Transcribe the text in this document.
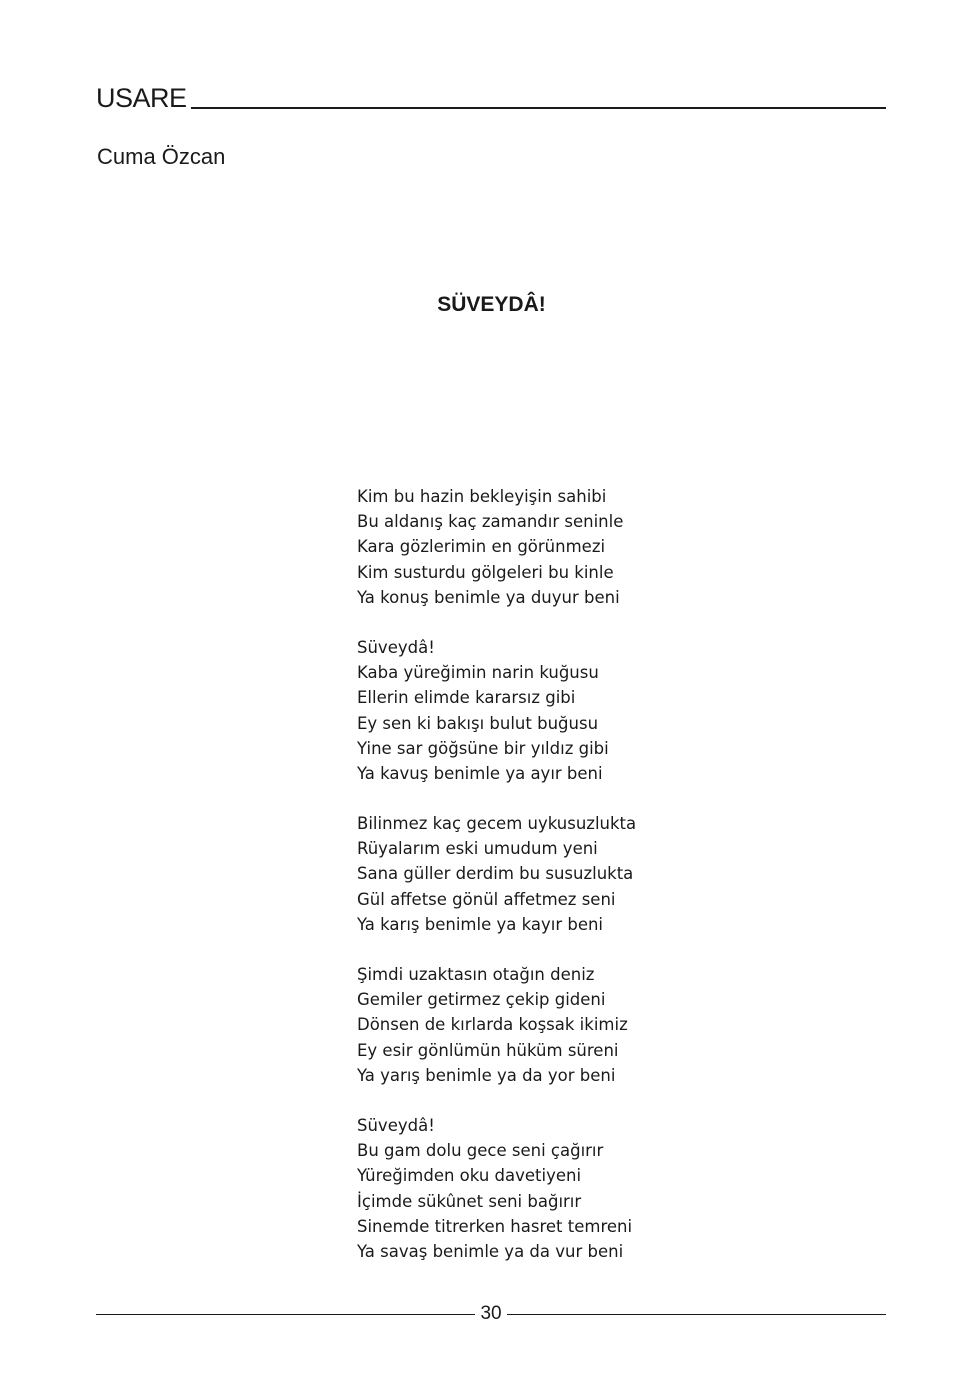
USARE
Cuma Özcan
SÜVEYDÂ!
Kim bu hazin bekleyişin sahibi
Bu aldanış kaç zamandır seninle
Kara gözlerimin en görünmezi
Kim susturdu gölgeleri bu kinle
Ya konuş benimle ya duyur beni
Süveydâ!
Kaba yüreğimin narin kuğusu
Ellerin elimde kararsız gibi
Ey sen ki bakışı bulut buğusu
Yine sar göğsüne bir yıldız gibi
Ya kavuş benimle ya ayır beni
Bilinmez kaç gecem uykusuzlukta
Rüyalarım eski umudum yeni
Sana güller derdim bu susuzlukta
Gül affetse gönül affetmez seni
Ya karış benimle ya kayır beni
Şimdi uzaktasın otağın deniz
Gemiler getirmez çekip gideni
Dönsen de kırlarda koşsak ikimiz
Ey esir gönlümün hüküm süreni
Ya yarış benimle ya da yor beni
Süveydâ!
Bu gam dolu gece seni çağırır
Yüreğimden oku davetiyeni
İçimde sükûnet seni bağırır
Sinemde titrerken hasret temreni
Ya savaş benimle ya da vur beni
30
